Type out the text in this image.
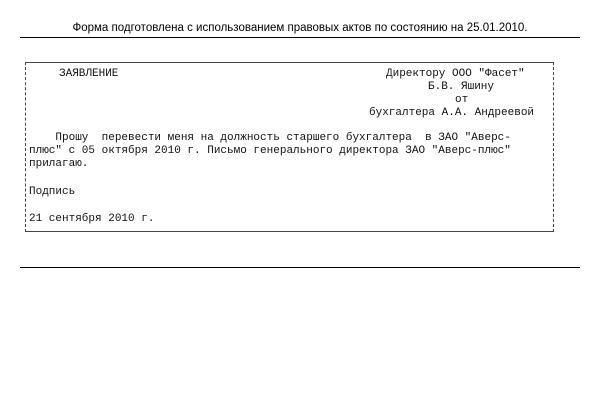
Форма подготовлена с использованием правовых актов по состоянию на 25.01.2010.
ЗАЯВЛЕНИЕ	Директору ООО "Фасет"
Б.В. Яшину
от
бухгалтера А.А. Андреевой
Прошу  перевести меня на должность старшего бухгалтера  в ЗАО "Аверс-
плюс" с 05 октября 2010 г. Письмо генерального директора ЗАО "Аверс-плюс"
прилагаю.
Подпись
21 сентября 2010 г.
